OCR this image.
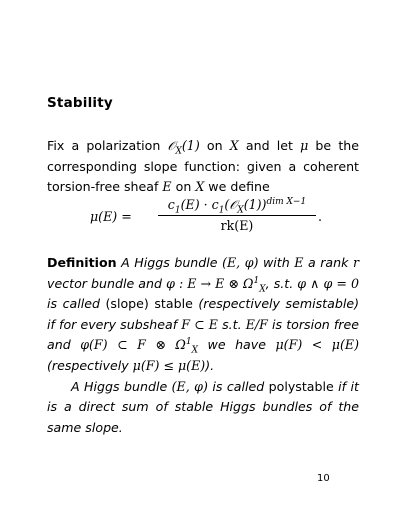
Stability
Fix a polarization 𝒪$_X$(1) on X and let μ be the corresponding slope function: given a coherent torsion-free sheaf E on X we define
μ(E) =
$c_1(E)$ · $c_1(𝒪_X(1))^{dim X-1}$
rk(E)
.
Definition A Higgs bundle (E, φ) with E a rank r vector bundle and φ : E → E ⊗ $\Omega^1_X$, s.t. φ ∧ φ = 0 is called (slope) stable (respectively semistable) if for every subsheaf F ⊂ E s.t. E/F is torsion free and φ(F) ⊂ F ⊗ $\Omega^1_X$ we have μ(F) < μ(E) (respectively μ(F) ≤ μ(E)).
A Higgs bundle (E, φ) is called polystable if it is a direct sum of stable Higgs bundles of the same slope.
10
